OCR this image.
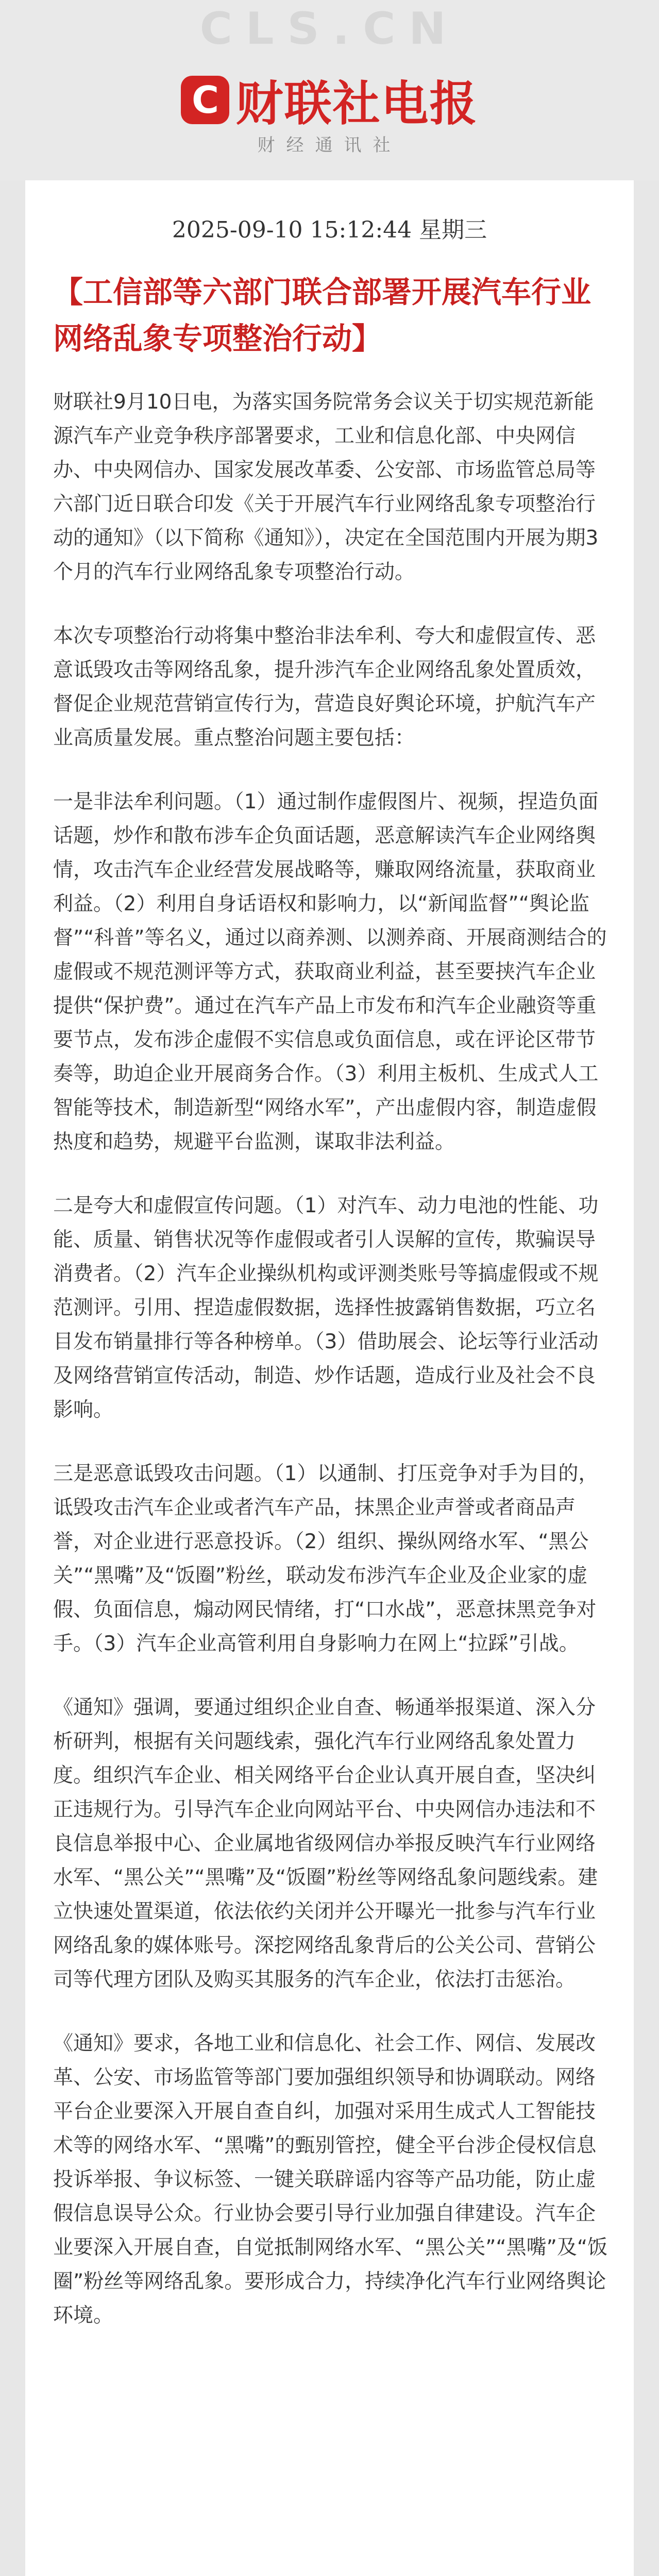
CLS.CN
C 财联社电报
财经通讯社
2025-09-10 15:12:44 星期三
【工信部等六部门联合部署开展汽车行业网络乱象专项整治行动】

财联社9月10日电，为落实国务院常务会议关于切实规范新能源汽车产业竞争秩序部署要求，工业和信息化部、中央网信办、中央网信办、国家发展改革委、公安部、市场监管总局等六部门近日联合印发《关于开展汽车行业网络乱象专项整治行动的通知》（以下简称《通知》），决定在全国范围内开展为期3个月的汽车行业网络乱象专项整治行动。

本次专项整治行动将集中整治非法牟利、夸大和虚假宣传、恶意诋毁攻击等网络乱象，提升涉汽车企业网络乱象处置质效，督促企业规范营销宣传行为，营造良好舆论环境，护航汽车产业高质量发展。重点整治问题主要包括：

一是非法牟利问题。（1）通过制作虚假图片、视频，捏造负面话题，炒作和散布涉车企负面话题，恶意解读汽车企业网络舆情，攻击汽车企业经营发展战略等，赚取网络流量，获取商业利益。（2）利用自身话语权和影响力，以“新闻监督”“舆论监督”“科普”等名义，通过以商养测、以测养商、开展商测结合的虚假或不规范测评等方式，获取商业利益，甚至要挟汽车企业提供“保护费”。通过在汽车产品上市发布和汽车企业融资等重要节点，发布涉企虚假不实信息或负面信息，或在评论区带节奏等，助迫企业开展商务合作。（3）利用主板机、生成式人工智能等技术，制造新型“网络水军”，产出虚假内容，制造虚假热度和趋势，规避平台监测，谋取非法利益。

二是夸大和虚假宣传问题。（1）对汽车、动力电池的性能、功能、质量、销售状况等作虚假或者引人误解的宣传，欺骗误导消费者。（2）汽车企业操纵机构或评测类账号等搞虚假或不规范测评。引用、捏造虚假数据，选择性披露销售数据，巧立名目发布销量排行等各种榜单。（3）借助展会、论坛等行业活动及网络营销宣传活动，制造、炒作话题，造成行业及社会不良影响。

三是恶意诋毁攻击问题。（1）以通制、打压竞争对手为目的，诋毁攻击汽车企业或者汽车产品，抹黑企业声誉或者商品声誉，对企业进行恶意投诉。（2）组织、操纵网络水军、“黑公关”“黑嘴”及“饭圈”粉丝，联动发布涉汽车企业及企业家的虚假、负面信息，煽动网民情绪，打“口水战”，恶意抹黑竞争对手。（3）汽车企业高管利用自身影响力在网上“拉踩”引战。

《通知》强调，要通过组织企业自查、畅通举报渠道、深入分析研判，根据有关问题线索，强化汽车行业网络乱象处置力度。组织汽车企业、相关网络平台企业认真开展自查，坚决纠正违规行为。引导汽车企业向网站平台、中央网信办违法和不良信息举报中心、企业属地省级网信办举报反映汽车行业网络水军、“黑公关”“黑嘴”及“饭圈”粉丝等网络乱象问题线索。建立快速处置渠道，依法依约关闭并公开曝光一批参与汽车行业网络乱象的媒体账号。深挖网络乱象背后的公关公司、营销公司等代理方团队及购买其服务的汽车企业，依法打击惩治。

《通知》要求，各地工业和信息化、社会工作、网信、发展改革、公安、市场监管等部门要加强组织领导和协调联动。网络平台企业要深入开展自查自纠，加强对采用生成式人工智能技术等的网络水军、“黑嘴”的甄别管控，健全平台涉企侵权信息投诉举报、争议标签、一键关联辟谣内容等产品功能，防止虚假信息误导公众。行业协会要引导行业加强自律建设。汽车企业要深入开展自查，自觉抵制网络水军、“黑公关”“黑嘴”及“饭圈”粉丝等网络乱象。要形成合力，持续净化汽车行业网络舆论环境。
